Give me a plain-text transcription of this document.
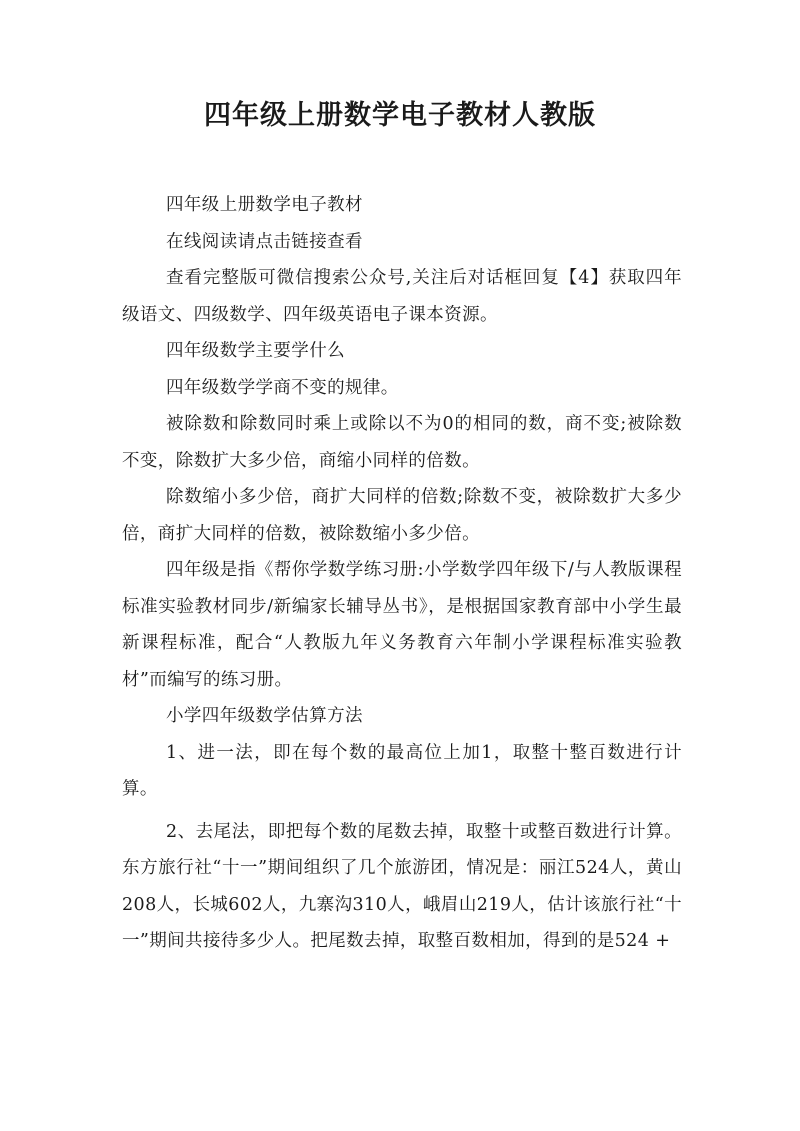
四年级上册数学电子教材人教版

四年级上册数学电子教材

在线阅读请点击链接查看

查看完整版可微信搜索公众号,关注后对话框回复【4】获取四年级语文、四级数学、四年级英语电子课本资源。

四年级数学主要学什么

四年级数学学商不变的规律。

被除数和除数同时乘上或除以不为0的相同的数，商不变;被除数不变，除数扩大多少倍，商缩小同样的倍数。

除数缩小多少倍，商扩大同样的倍数;除数不变，被除数扩大多少倍，商扩大同样的倍数，被除数缩小多少倍。

四年级是指《帮你学数学练习册:小学数学四年级下/与人教版课程标准实验教材同步/新编家长辅导丛书》，是根据国家教育部中小学生最新课程标准，配合“人教版九年义务教育六年制小学课程标准实验教材”而编写的练习册。

小学四年级数学估算方法

1、进一法，即在每个数的最高位上加1，取整十整百数进行计算。

2、去尾法，即把每个数的尾数去掉，取整十或整百数进行计算。东方旅行社“十一”期间组织了几个旅游团，情况是：丽江524人，黄山208人，长城602人，九寨沟310人，峨眉山219人，估计该旅行社“十一”期间共接待多少人。把尾数去掉，取整百数相加，得到的是524 +
